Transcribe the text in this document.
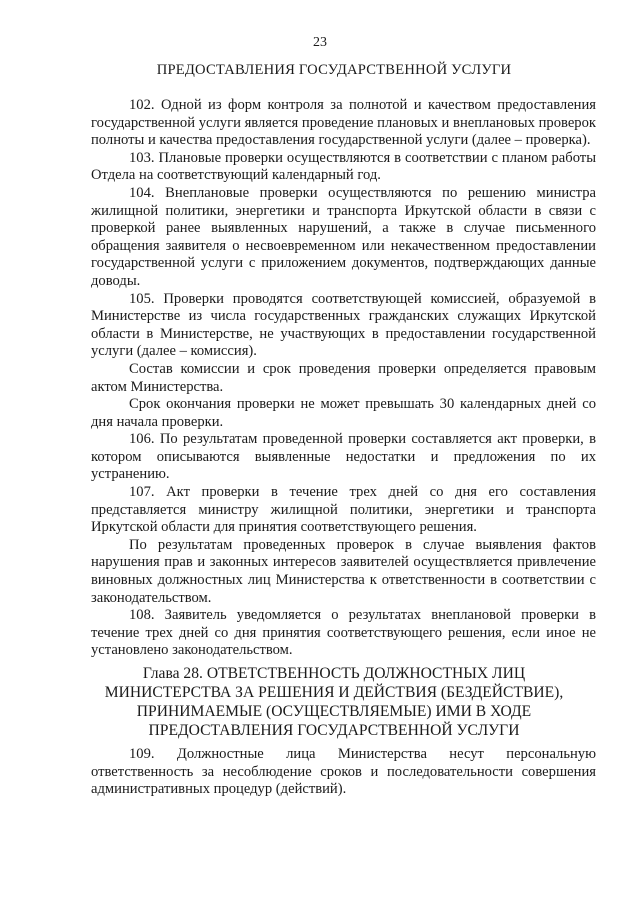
23
ПРЕДОСТАВЛЕНИЯ ГОСУДАРСТВЕННОЙ УСЛУГИ

102. Одной из форм контроля за полнотой и качеством предоставления государственной услуги является проведение плановых и внеплановых проверок полноты и качества предоставления государственной услуги (далее – проверка).

103. Плановые проверки осуществляются в соответствии с планом работы Отдела на соответствующий календарный год.

104. Внеплановые проверки осуществляются по решению министра жилищной политики, энергетики и транспорта Иркутской области в связи с проверкой ранее выявленных нарушений, а также в случае письменного обращения заявителя о несвоевременном или некачественном предоставлении государственной услуги с приложением документов, подтверждающих данные доводы.

105. Проверки проводятся соответствующей комиссией, образуемой в Министерстве из числа государственных гражданских служащих Иркутской области в Министерстве, не участвующих в предоставлении государственной услуги (далее – комиссия).

Состав комиссии и срок проведения проверки определяется правовым актом Министерства.

Срок окончания проверки не может превышать 30 календарных дней со дня начала проверки.

106. По результатам проведенной проверки составляется акт проверки, в котором описываются выявленные недостатки и предложения по их устранению.

107. Акт проверки в течение трех дней со дня его составления представляется министру жилищной политики, энергетики и транспорта Иркутской области для принятия соответствующего решения.

По результатам проведенных проверок в случае выявления фактов нарушения прав и законных интересов заявителей осуществляется привлечение виновных должностных лиц Министерства к ответственности в соответствии с законодательством.

108. Заявитель уведомляется о результатах внеплановой проверки в течение трех дней со дня принятия соответствующего решения, если иное не установлено законодательством.

Глава 28. ОТВЕТСТВЕННОСТЬ ДОЛЖНОСТНЫХ ЛИЦ
МИНИСТЕРСТВА ЗА РЕШЕНИЯ И ДЕЙСТВИЯ (БЕЗДЕЙСТВИЕ),
ПРИНИМАЕМЫЕ (ОСУЩЕСТВЛЯЕМЫЕ) ИМИ В ХОДЕ
ПРЕДОСТАВЛЕНИЯ ГОСУДАРСТВЕННОЙ УСЛУГИ

109. Должностные лица Министерства несут персональную ответственность за несоблюдение сроков и последовательности совершения административных процедур (действий).
